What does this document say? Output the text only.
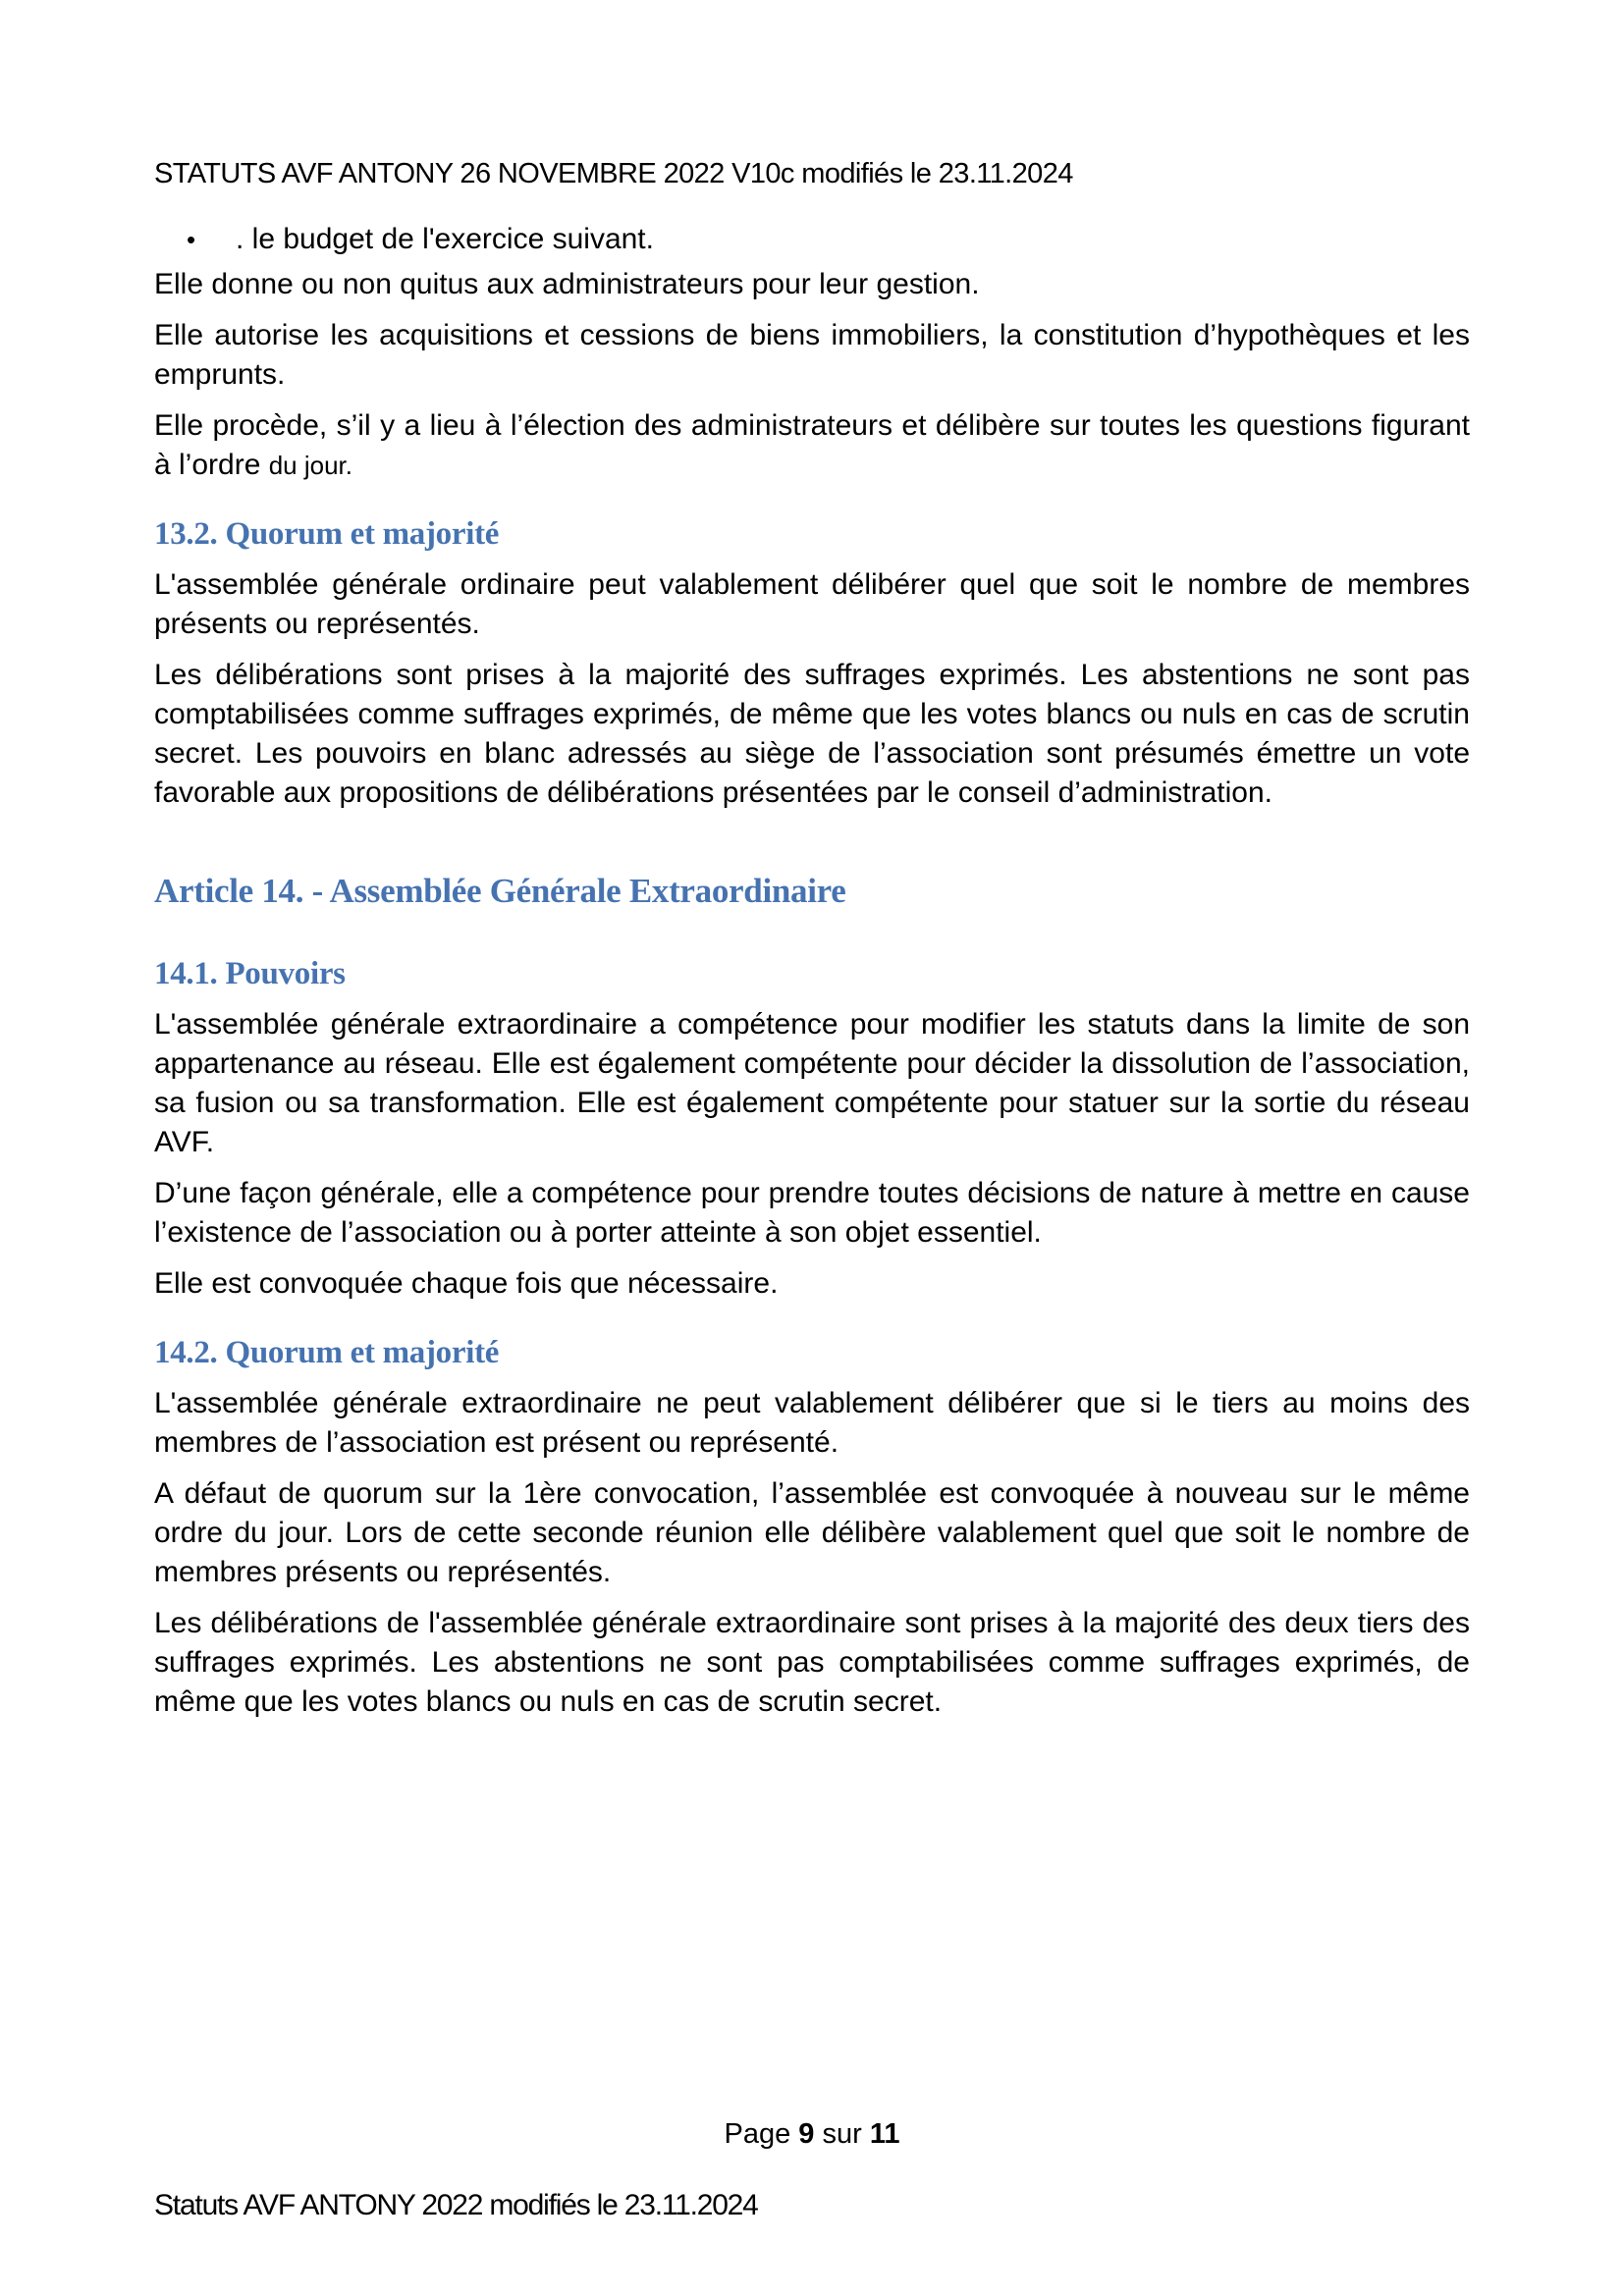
STATUTS AVF ANTONY 26 NOVEMBRE 2022 V10c modifiés le 23.11.2024
•	. le budget de l'exercice suivant.

Elle donne ou non quitus aux administrateurs pour leur gestion.

Elle autorise les acquisitions et cessions de biens immobiliers, la constitution d’hypothèques et les emprunts.

Elle procède, s’il y a lieu à l’élection des administrateurs et délibère sur toutes les questions figurant à l’ordre du jour.

13.2. Quorum et majorité

L'assemblée générale ordinaire peut valablement délibérer quel que soit le nombre de membres présents ou représentés.

Les délibérations sont prises à la majorité des suffrages exprimés. Les abstentions ne sont pas comptabilisées comme suffrages exprimés, de même que les votes blancs ou nuls en cas de scrutin secret. Les pouvoirs en blanc adressés au siège de l’association sont présumés émettre un vote favorable aux propositions de délibérations présentées par le conseil d’administration.

Article 14. - Assemblée Générale Extraordinaire
14.1. Pouvoirs

L'assemblée générale extraordinaire a compétence pour modifier les statuts dans la limite de son appartenance au réseau. Elle est également compétente pour décider la dissolution de l’association, sa fusion ou sa transformation. Elle est également compétente pour statuer sur la sortie du réseau AVF.

D’une façon générale, elle a compétence pour prendre toutes décisions de nature à mettre en cause l’existence de l’association ou à porter atteinte à son objet essentiel.

Elle est convoquée chaque fois que nécessaire.

14.2. Quorum et majorité

L'assemblée générale extraordinaire ne peut valablement délibérer que si le tiers au moins des membres de l’association est présent ou représenté.

A défaut de quorum sur la 1ère convocation, l’assemblée est convoquée à nouveau sur le même ordre du jour. Lors de cette seconde réunion elle délibère valablement quel que soit le nombre de membres présents ou représentés.

Les délibérations de l'assemblée générale extraordinaire sont prises à la majorité des deux tiers des suffrages exprimés. Les abstentions ne sont pas comptabilisées comme suffrages exprimés, de même que les votes blancs ou nuls en cas de scrutin secret.

Page 9 sur 11
Statuts AVF ANTONY 2022 modifiés le 23.11.2024
